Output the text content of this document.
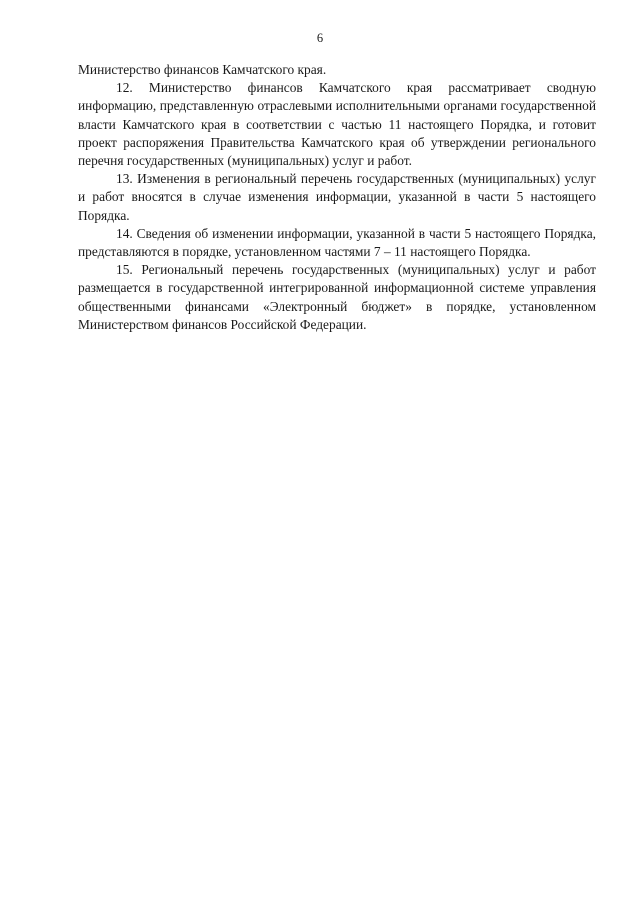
6

Министерство финансов Камчатского края.

12. Министерство финансов Камчатского края рассматривает сводную информацию, представленную отраслевыми исполнительными органами государственной власти Камчатского края в соответствии с частью 11 настоящего Порядка, и готовит проект распоряжения Правительства Камчатского края об утверждении регионального перечня государственных (муниципальных) услуг и работ.

13. Изменения в региональный перечень государственных (муниципальных) услуг и работ вносятся в случае изменения информации, указанной в части 5 настоящего Порядка.

14. Сведения об изменении информации, указанной в части 5 настоящего Порядка, представляются в порядке, установленном частями 7 – 11 настоящего Порядка.

15. Региональный перечень государственных (муниципальных) услуг и работ размещается в государственной интегрированной информационной системе управления общественными финансами «Электронный бюджет» в порядке, установленном Министерством финансов Российской Федерации.
